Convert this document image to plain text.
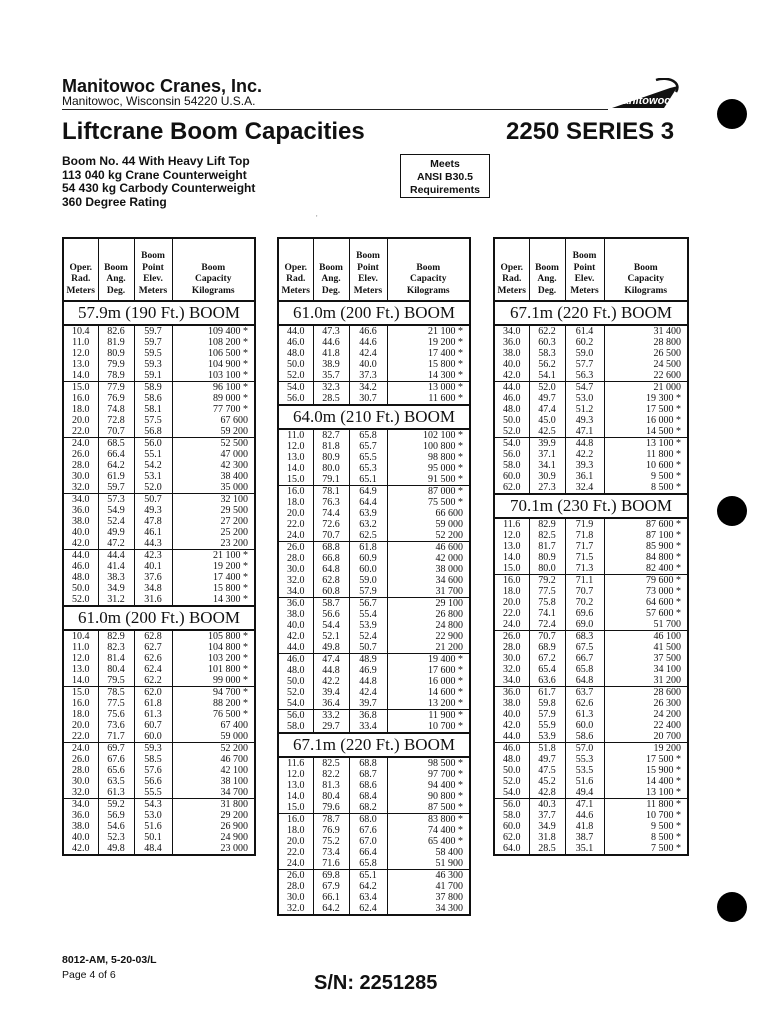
Manitowoc Cranes, Inc.
Manitowoc, Wisconsin 54220 U.S.A.	Manitowoc
Liftcrane Boom Capacities	2250 SERIES 3
Boom No. 44 With Heavy Lift Top
113 040 kg Crane Counterweight
54 430 kg Carbody Counterweight
360 Degree Rating
Meets
ANSI B30.5
Requirements
'
Oper.
Rad.
Meters	Boom
Ang.
Deg.	Boom
Point
Elev.
Meters	Boom
Capacity
Kilograms
57.9m (190 Ft.) BOOM			
10.4	82.6	59.7	109 400 *
11.0	81.9	59.7	108 200 *
12.0	80.9	59.5	106 500 *
13.0	79.9	59.3	104 900 *
14.0	78.9	59.1	103 100 *
15.0	77.9	58.9	96 100 *
16.0	76.9	58.6	89 000 *
18.0	74.8	58.1	77 700 *
20.0	72.8	57.5	67 600
22.0	70.7	56.8	59 200
24.0	68.5	56.0	52 500
26.0	66.4	55.1	47 000
28.0	64.2	54.2	42 300
30.0	61.9	53.1	38 400
32.0	59.7	52.0	35 000
34.0	57.3	50.7	32 100
36.0	54.9	49.3	29 500
38.0	52.4	47.8	27 200
40.0	49.9	46.1	25 200
42.0	47.2	44.3	23 200
44.0	44.4	42.3	21 100 *
46.0	41.4	40.1	19 200 *
48.0	38.3	37.6	17 400 *
50.0	34.9	34.8	15 800 *
52.0	31.2	31.6	14 300 *
61.0m (200 Ft.) BOOM			
10.4	82.9	62.8	105 800 *
11.0	82.3	62.7	104 800 *
12.0	81.4	62.6	103 200 *
13.0	80.4	62.4	101 800 *
14.0	79.5	62.2	99 000 *
15.0	78.5	62.0	94 700 *
16.0	77.5	61.8	88 200 *
18.0	75.6	61.3	76 500 *
20.0	73.6	60.7	67 400
22.0	71.7	60.0	59 000
24.0	69.7	59.3	52 200
26.0	67.6	58.5	46 700
28.0	65.6	57.6	42 100
30.0	63.5	56.6	38 100
32.0	61.3	55.5	34 700
34.0	59.2	54.3	31 800
36.0	56.9	53.0	29 200
38.0	54.6	51.6	26 900
40.0	52.3	50.1	24 900
42.0	49.8	48.4	23 000
Oper.
Rad.
Meters	Boom
Ang.
Deg.	Boom
Point
Elev.
Meters	Boom
Capacity
Kilograms
61.0m (200 Ft.) BOOM			
44.0	47.3	46.6	21 100 *
46.0	44.6	44.6	19 200 *
48.0	41.8	42.4	17 400 *
50.0	38.9	40.0	15 800 *
52.0	35.7	37.3	14 300 *
54.0	32.3	34.2	13 000 *
56.0	28.5	30.7	11 600 *
64.0m (210 Ft.) BOOM			
11.0	82.7	65.8	102 100 *
12.0	81.8	65.7	100 800 *
13.0	80.9	65.5	98 800 *
14.0	80.0	65.3	95 000 *
15.0	79.1	65.1	91 500 *
16.0	78.1	64.9	87 000 *
18.0	76.3	64.4	75 500 *
20.0	74.4	63.9	66 600
22.0	72.6	63.2	59 000
24.0	70.7	62.5	52 200
26.0	68.8	61.8	46 600
28.0	66.8	60.9	42 000
30.0	64.8	60.0	38 000
32.0	62.8	59.0	34 600
34.0	60.8	57.9	31 700
36.0	58.7	56.7	29 100
38.0	56.6	55.4	26 800
40.0	54.4	53.9	24 800
42.0	52.1	52.4	22 900
44.0	49.8	50.7	21 200
46.0	47.4	48.9	19 400 *
48.0	44.8	46.9	17 600 *
50.0	42.2	44.8	16 000 *
52.0	39.4	42.4	14 600 *
54.0	36.4	39.7	13 200 *
56.0	33.2	36.8	11 900 *
58.0	29.7	33.4	10 700 *
67.1m (220 Ft.) BOOM			
11.6	82.5	68.8	98 500 *
12.0	82.2	68.7	97 700 *
13.0	81.3	68.6	94 400 *
14.0	80.4	68.4	90 800 *
15.0	79.6	68.2	87 500 *
16.0	78.7	68.0	83 800 *
18.0	76.9	67.6	74 400 *
20.0	75.2	67.0	65 400 *
22.0	73.4	66.4	58 400
24.0	71.6	65.8	51 900
26.0	69.8	65.1	46 300
28.0	67.9	64.2	41 700
30.0	66.1	63.4	37 800
32.0	64.2	62.4	34 300
Oper.
Rad.
Meters	Boom
Ang.
Deg.	Boom
Point
Elev.
Meters	Boom
Capacity
Kilograms
67.1m (220 Ft.) BOOM			
34.0	62.2	61.4	31 400
36.0	60.3	60.2	28 800
38.0	58.3	59.0	26 500
40.0	56.2	57.7	24 500
42.0	54.1	56.3	22 600
44.0	52.0	54.7	21 000
46.0	49.7	53.0	19 300 *
48.0	47.4	51.2	17 500 *
50.0	45.0	49.3	16 000 *
52.0	42.5	47.1	14 500 *
54.0	39.9	44.8	13 100 *
56.0	37.1	42.2	11 800 *
58.0	34.1	39.3	10 600 *
60.0	30.9	36.1	9 500 *
62.0	27.3	32.4	8 500 *
70.1m (230 Ft.) BOOM			
11.6	82.9	71.9	87 600 *
12.0	82.5	71.8	87 100 *
13.0	81.7	71.7	85 900 *
14.0	80.9	71.5	84 800 *
15.0	80.0	71.3	82 400 *
16.0	79.2	71.1	79 600 *
18.0	77.5	70.7	73 000 *
20.0	75.8	70.2	64 600 *
22.0	74.1	69.6	57 600 *
24.0	72.4	69.0	51 700
26.0	70.7	68.3	46 100
28.0	68.9	67.5	41 500
30.0	67.2	66.7	37 500
32.0	65.4	65.8	34 100
34.0	63.6	64.8	31 200
36.0	61.7	63.7	28 600
38.0	59.8	62.6	26 300
40.0	57.9	61.3	24 200
42.0	55.9	60.0	22 400
44.0	53.9	58.6	20 700
46.0	51.8	57.0	19 200
48.0	49.7	55.3	17 500 *
50.0	47.5	53.5	15 900 *
52.0	45.2	51.6	14 400 *
54.0	42.8	49.4	13 100 *
56.0	40.3	47.1	11 800 *
58.0	37.7	44.6	10 700 *
60.0	34.9	41.8	9 500 *
62.0	31.8	38.7	8 500 *
64.0	28.5	35.1	7 500 *
8012-AM, 5-20-03/L
Page 4 of 6	S/N: 2251285
